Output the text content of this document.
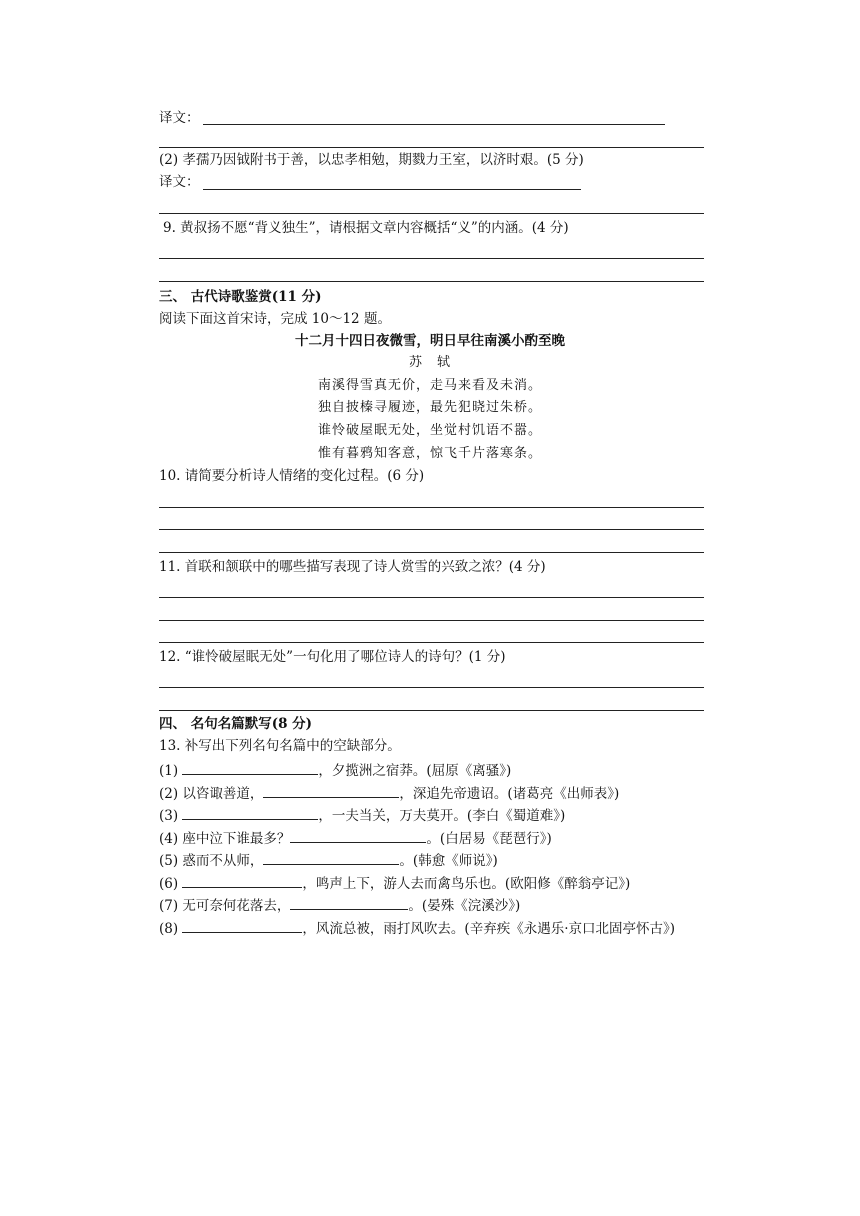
译文：
(2) 孝孺乃因钺附书于善，以忠孝相勉，期戮力王室，以济时艰。(5 分)
译文：
9. 黄叔扬不愿“背义独生”，请根据文章内容概括“义”的内涵。(4 分)
三、 古代诗歌鉴赏(11 分)
阅读下面这首宋诗，完成 10～12 题。
十二月十四日夜微雪，明日早往南溪小酌至晚
苏　轼
南溪得雪真无价，走马来看及未消。
独自披榛寻履迹，最先犯晓过朱桥。
谁怜破屋眠无处，坐觉村饥语不嚣。
惟有暮鸦知客意，惊飞千片落寒条。
10. 请简要分析诗人情绪的变化过程。(6 分)
11. 首联和颔联中的哪些描写表现了诗人赏雪的兴致之浓？(4 分)
12. “谁怜破屋眠无处”一句化用了哪位诗人的诗句？(1 分)
四、 名句名篇默写(8 分)
13. 补写出下列名句名篇中的空缺部分。
(1)	，夕揽洲之宿莽。(屈原《离骚》)
(2) 以咨诹善道，	，深追先帝遗诏。(诸葛亮《出师表》)
(3)	，一夫当关，万夫莫开。(李白《蜀道难》)
(4) 座中泣下谁最多？	。(白居易《琵琶行》)
(5) 惑而不从师，	。(韩愈《师说》)
(6)	，鸣声上下，游人去而禽鸟乐也。(欧阳修《醉翁亭记》)
(7) 无可奈何花落去，	。(晏殊《浣溪沙》)
(8)	，风流总被，雨打风吹去。(辛弃疾《永遇乐·京口北固亭怀古》)
